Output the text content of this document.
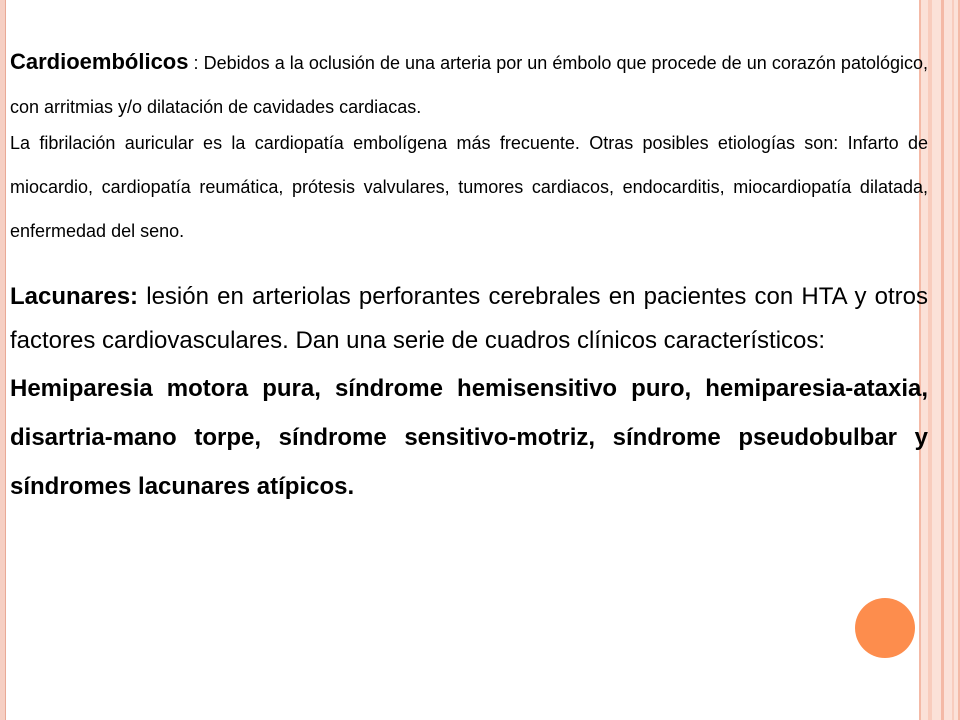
Cardioembólicos : Debidos a la oclusión de una arteria por un émbolo que procede de un corazón patológico, con arritmias y/o dilatación de cavidades cardiacas.

La fibrilación auricular es la cardiopatía embolígena más frecuente. Otras posibles etiologías son: Infarto de miocardio, cardiopatía reumática, prótesis valvulares, tumores cardiacos, endocarditis, miocardiopatía dilatada, enfermedad del seno.

Lacunares: lesión en arteriolas perforantes cerebrales en pacientes con HTA y otros factores cardiovasculares. Dan una serie de cuadros clínicos característicos:

Hemiparesia motora pura, síndrome hemisensitivo puro, hemiparesia-ataxia, disartria-mano torpe, síndrome sensitivo-motriz, síndrome pseudobulbar y síndromes lacunares atípicos.
